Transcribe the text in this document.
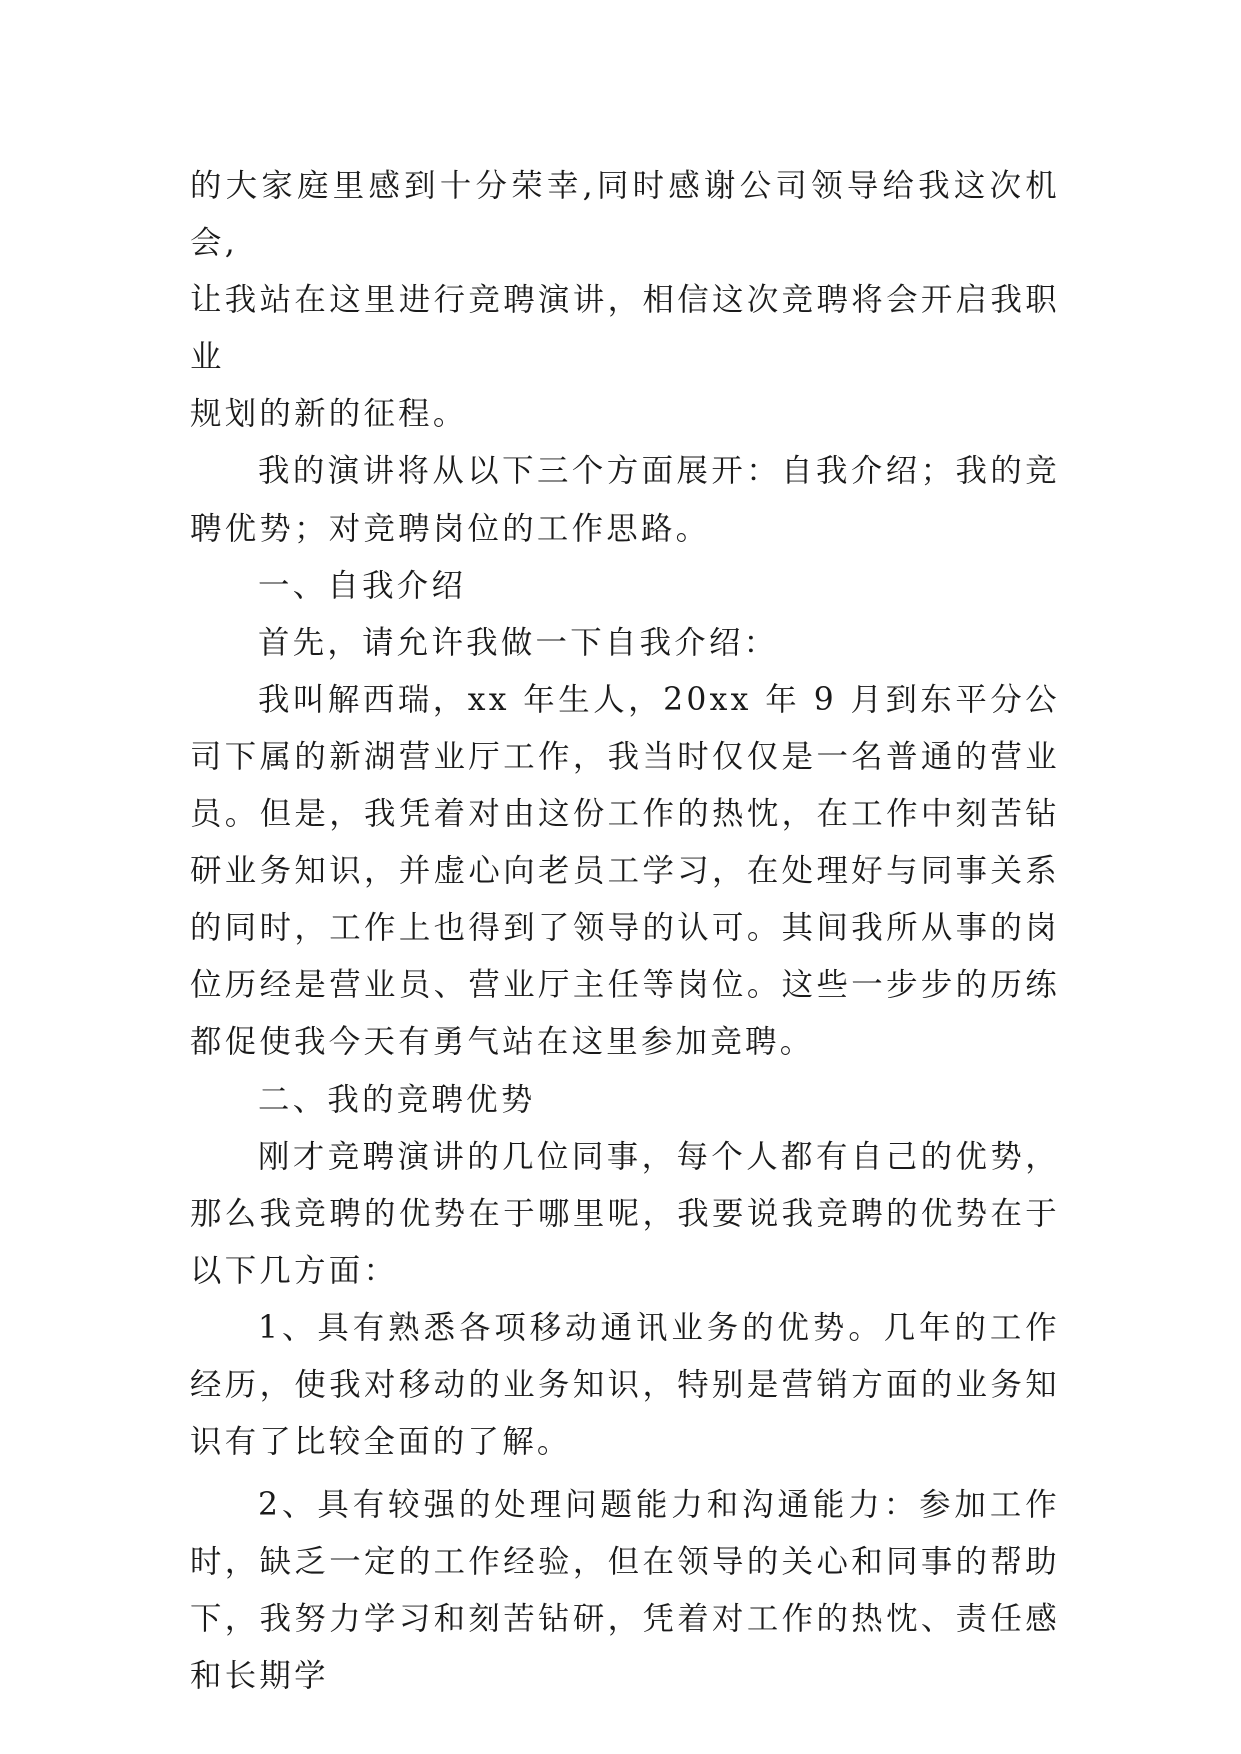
的大家庭里感到十分荣幸,同时感谢公司领导给我这次机会,
让我站在这里进行竞聘演讲，相信这次竞聘将会开启我职业
规划的新的征程。

我的演讲将从以下三个方面展开：自我介绍；我的竞聘优势；对竞聘岗位的工作思路。

一、自我介绍

首先，请允许我做一下自我介绍：

我叫解西瑞，xx 年生人，20xx 年 9 月到东平分公司下属的新湖营业厅工作，我当时仅仅是一名普通的营业员。但是，我凭着对由这份工作的热忱，在工作中刻苦钻研业务知识，并虚心向老员工学习，在处理好与同事关系的同时，工作上也得到了领导的认可。其间我所从事的岗位历经是营业员、营业厅主任等岗位。这些一步步的历练都促使我今天有勇气站在这里参加竞聘。

二、我的竞聘优势

刚才竞聘演讲的几位同事，每个人都有自己的优势，那么我竞聘的优势在于哪里呢，我要说我竞聘的优势在于以下几方面：

1、具有熟悉各项移动通讯业务的优势。几年的工作经历，使我对移动的业务知识，特别是营销方面的业务知识有了比较全面的了解。

2、具有较强的处理问题能力和沟通能力：参加工作时，缺乏一定的工作经验，但在领导的关心和同事的帮助下，我努力学习和刻苦钻研，凭着对工作的热忱、责任感和长期学
